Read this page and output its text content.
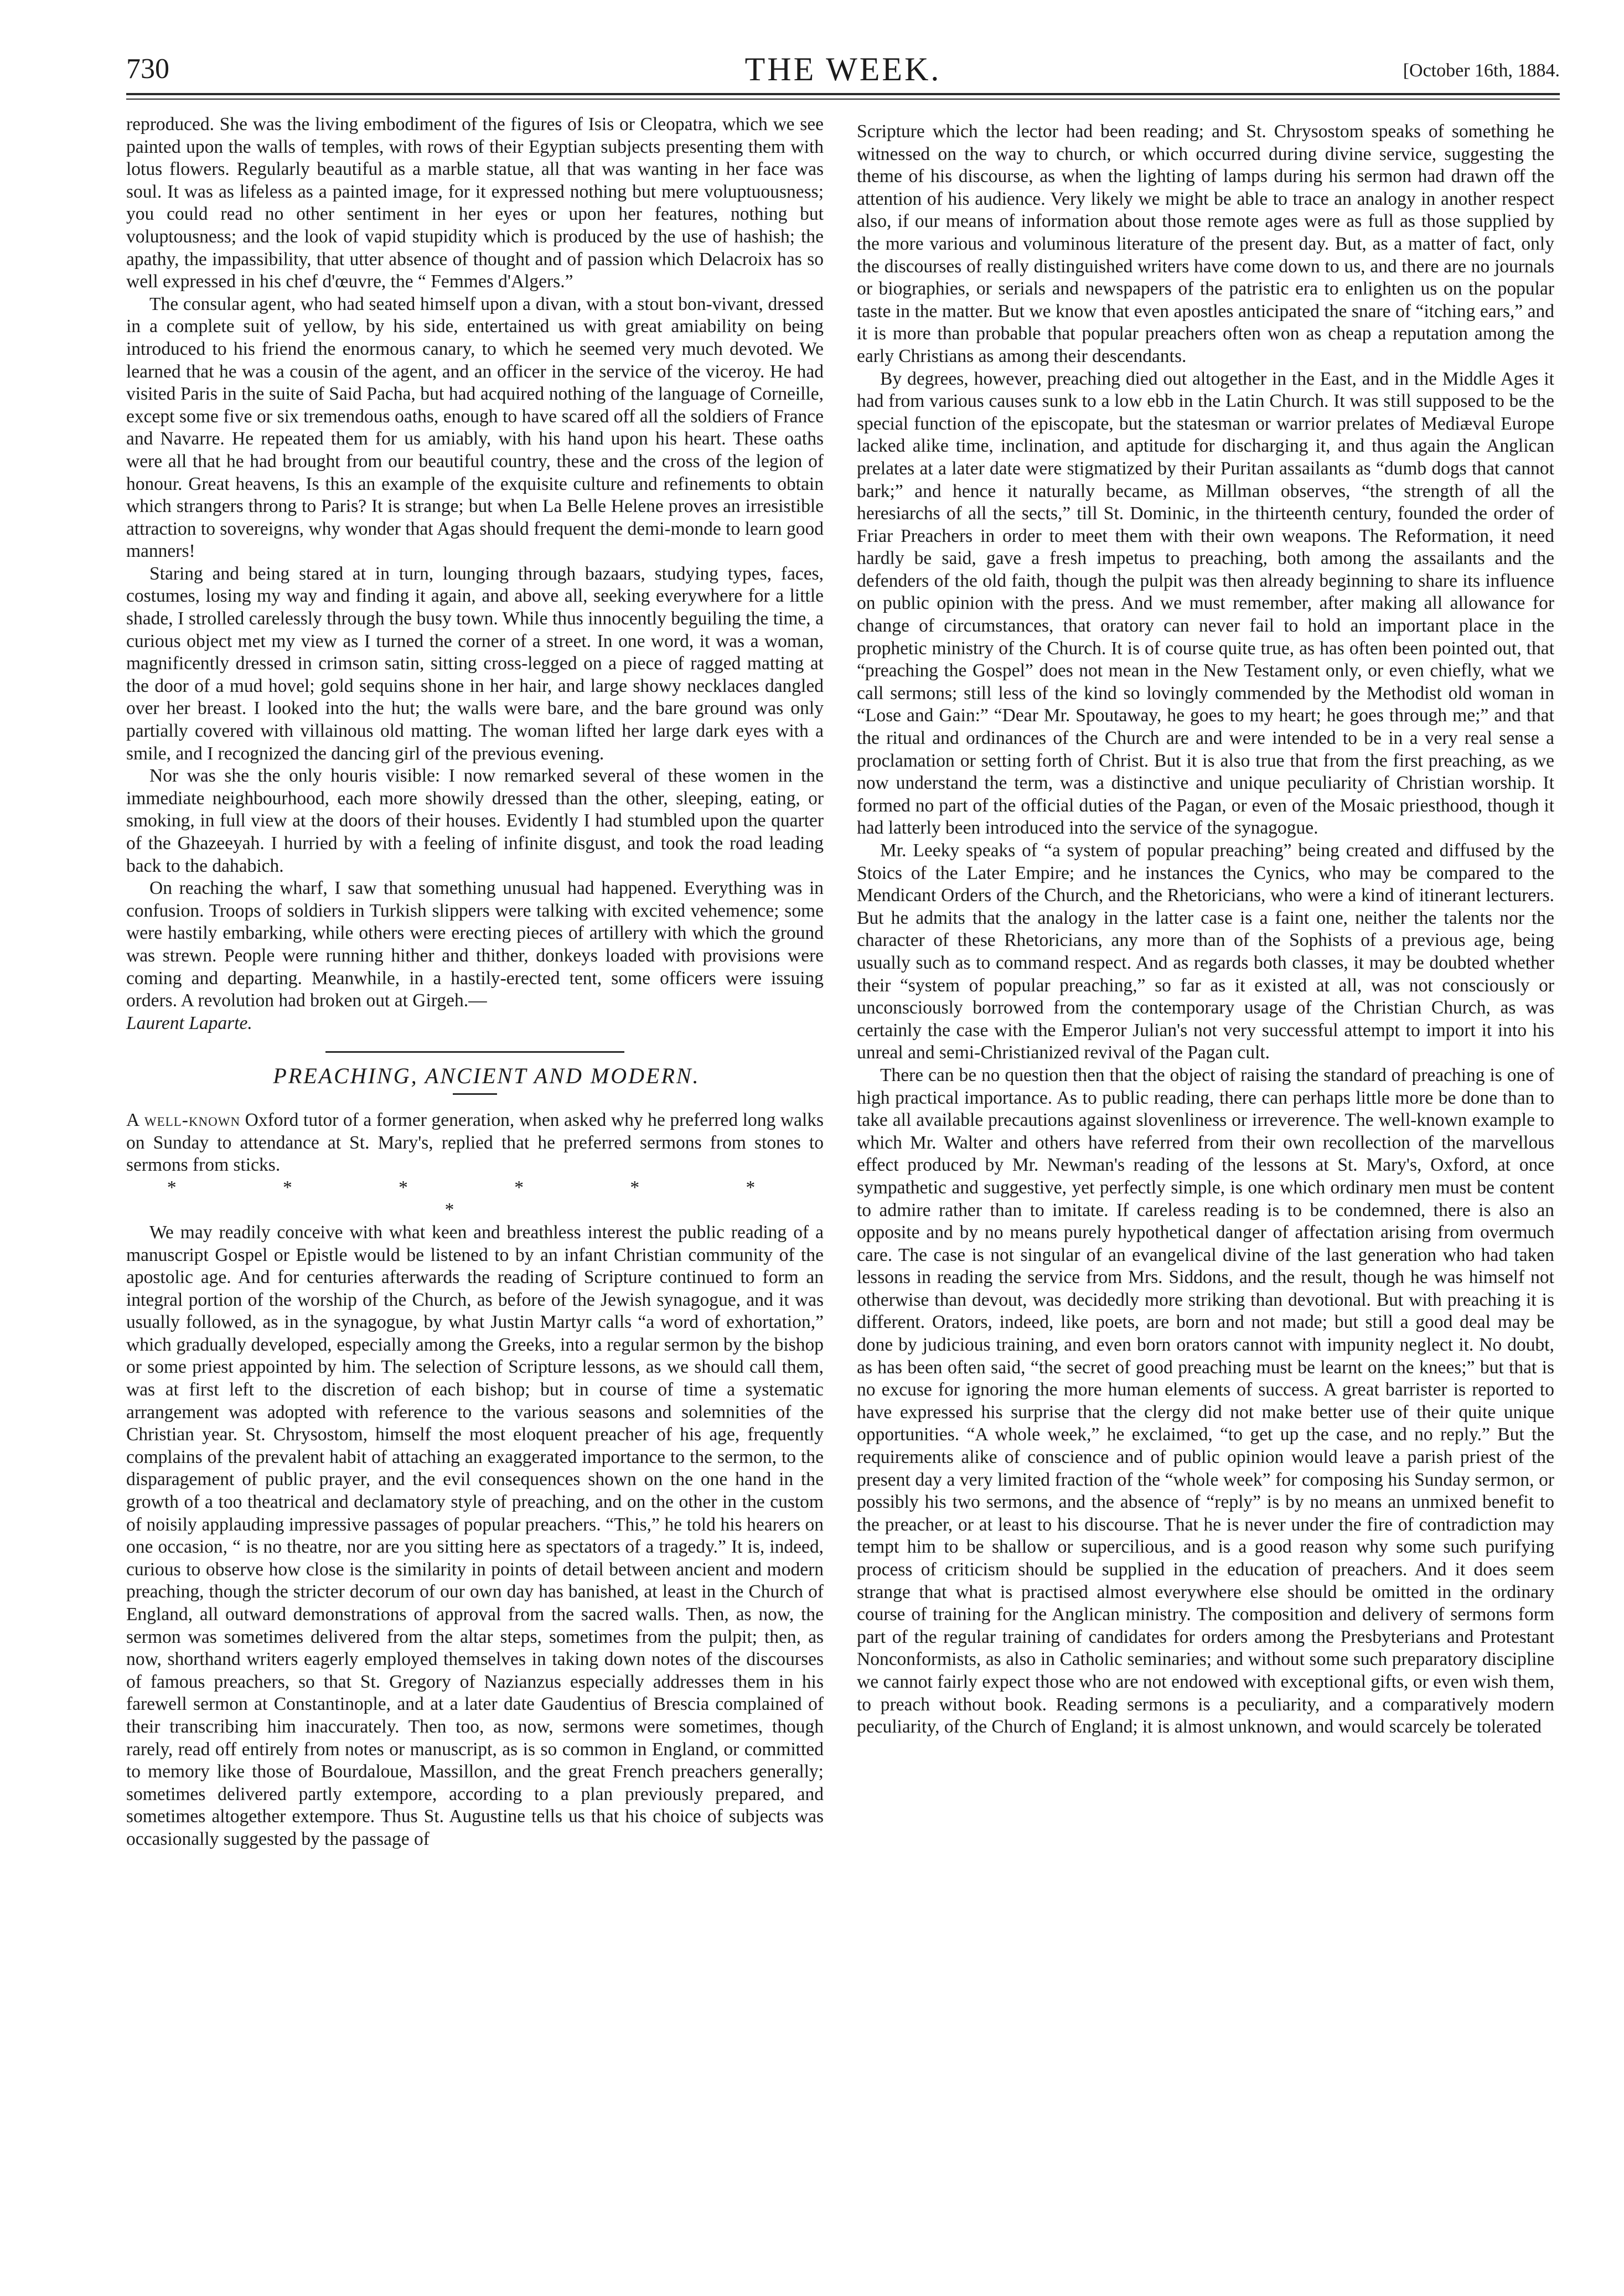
730	THE WEEK.	[October 16th, 1884.

reproduced. She was the living embodiment of the figures of Isis or Cleopatra, which we see painted upon the walls of temples, with rows of their Egyptian subjects presenting them with lotus flowers. Regularly beautiful as a marble statue, all that was wanting in her face was soul. It was as lifeless as a painted image, for it expressed nothing but mere voluptuousness; you could read no other sentiment in her eyes or upon her features, nothing but voluptousness; and the look of vapid stupidity which is produced by the use of hashish; the apathy, the impassibility, that utter absence of thought and of passion which Delacroix has so well expressed in his chef d'œuvre, the “ Femmes d'Algers.”

The consular agent, who had seated himself upon a divan, with a stout bon-vivant, dressed in a complete suit of yellow, by his side, entertained us with great amiability on being introduced to his friend the enormous canary, to which he seemed very much devoted. We learned that he was a cousin of the agent, and an officer in the service of the viceroy. He had visited Paris in the suite of Said Pacha, but had acquired nothing of the language of Corneille, except some five or six tremendous oaths, enough to have scared off all the soldiers of France and Navarre. He repeated them for us amiably, with his hand upon his heart. These oaths were all that he had brought from our beautiful country, these and the cross of the legion of honour. Great heavens, Is this an example of the exquisite culture and refinements to obtain which strangers throng to Paris? It is strange; but when La Belle Helene proves an irresistible attraction to sovereigns, why wonder that Agas should frequent the demi-monde to learn good manners!

Staring and being stared at in turn, lounging through bazaars, studying types, faces, costumes, losing my way and finding it again, and above all, seeking everywhere for a little shade, I strolled carelessly through the busy town. While thus innocently beguiling the time, a curious object met my view as I turned the corner of a street. In one word, it was a woman, magnificently dressed in crimson satin, sitting cross-legged on a piece of ragged matting at the door of a mud hovel; gold sequins shone in her hair, and large showy necklaces dangled over her breast. I looked into the hut; the walls were bare, and the bare ground was only partially covered with villainous old matting. The woman lifted her large dark eyes with a smile, and I recognized the dancing girl of the previous evening.

Nor was she the only houris visible: I now remarked several of these women in the immediate neighbourhood, each more showily dressed than the other, sleeping, eating, or smoking, in full view at the doors of their houses. Evidently I had stumbled upon the quarter of the Ghazeeyah. I hurried by with a feeling of infinite disgust, and took the road leading back to the dahabich.

On reaching the wharf, I saw that something unusual had happened. Everything was in confusion. Troops of soldiers in Turkish slippers were talking with excited vehemence; some were hastily embarking, while others were erecting pieces of artillery with which the ground was strewn. People were running hither and thither, donkeys loaded with provisions were coming and departing. Meanwhile, in a hastily-erected tent, some officers were issuing orders. A revolution had broken out at Girgeh.—
Laurent Laparte.

PREACHING, ANCIENT AND MODERN.

A well-known Oxford tutor of a former generation, when asked why he preferred long walks on Sunday to attendance at St. Mary's, replied that he preferred sermons from stones to sermons from sticks.

* * * * * * *

We may readily conceive with what keen and breathless interest the public reading of a manuscript Gospel or Epistle would be listened to by an infant Christian community of the apostolic age. And for centuries afterwards the reading of Scripture continued to form an integral portion of the worship of the Church, as before of the Jewish synagogue, and it was usually followed, as in the synagogue, by what Justin Martyr calls “a word of exhortation,” which gradually developed, especially among the Greeks, into a regular sermon by the bishop or some priest appointed by him. The selection of Scripture lessons, as we should call them, was at first left to the discretion of each bishop; but in course of time a systematic arrangement was adopted with reference to the various seasons and solemnities of the Christian year. St. Chrysostom, himself the most eloquent preacher of his age, frequently complains of the prevalent habit of attaching an exaggerated importance to the sermon, to the disparagement of public prayer, and the evil consequences shown on the one hand in the growth of a too theatrical and declamatory style of preaching, and on the other in the custom of noisily applauding impressive passages of popular preachers. “This,” he told his hearers on one occasion, “ is no theatre, nor are you sitting here as spectators of a tragedy.” It is, indeed, curious to observe how close is the similarity in points of detail between ancient and modern preaching, though the stricter decorum of our own day has banished, at least in the Church of England, all outward demonstrations of approval from the sacred walls. Then, as now, the sermon was sometimes delivered from the altar steps, sometimes from the pulpit; then, as now, shorthand writers eagerly employed themselves in taking down notes of the discourses of famous preachers, so that St. Gregory of Nazianzus especially addresses them in his farewell sermon at Constantinople, and at a later date Gaudentius of Brescia complained of their transcribing him inaccurately. Then too, as now, sermons were sometimes, though rarely, read off entirely from notes or manuscript, as is so common in England, or committed to memory like those of Bourdaloue, Massillon, and the great French preachers generally; sometimes delivered partly extempore, according to a plan previously prepared, and sometimes altogether extempore. Thus St. Augustine tells us that his choice of subjects was occasionally suggested by the passage of

Scripture which the lector had been reading; and St. Chrysostom speaks of something he witnessed on the way to church, or which occurred during divine service, suggesting the theme of his discourse, as when the lighting of lamps during his sermon had drawn off the attention of his audience. Very likely we might be able to trace an analogy in another respect also, if our means of information about those remote ages were as full as those supplied by the more various and voluminous literature of the present day. But, as a matter of fact, only the discourses of really distinguished writers have come down to us, and there are no journals or biographies, or serials and newspapers of the patristic era to enlighten us on the popular taste in the matter. But we know that even apostles anticipated the snare of “itching ears,” and it is more than probable that popular preachers often won as cheap a reputation among the early Christians as among their descendants.

By degrees, however, preaching died out altogether in the East, and in the Middle Ages it had from various causes sunk to a low ebb in the Latin Church. It was still supposed to be the special function of the episcopate, but the statesman or warrior prelates of Mediæval Europe lacked alike time, inclination, and aptitude for discharging it, and thus again the Anglican prelates at a later date were stigmatized by their Puritan assailants as “dumb dogs that cannot bark;” and hence it naturally became, as Millman observes, “the strength of all the heresiarchs of all the sects,” till St. Dominic, in the thirteenth century, founded the order of Friar Preachers in order to meet them with their own weapons. The Reformation, it need hardly be said, gave a fresh impetus to preaching, both among the assailants and the defenders of the old faith, though the pulpit was then already beginning to share its influence on public opinion with the press. And we must remember, after making all allowance for change of circumstances, that oratory can never fail to hold an important place in the prophetic ministry of the Church. It is of course quite true, as has often been pointed out, that “preaching the Gospel” does not mean in the New Testament only, or even chiefly, what we call sermons; still less of the kind so lovingly commended by the Methodist old woman in “Lose and Gain:” “Dear Mr. Spoutaway, he goes to my heart; he goes through me;” and that the ritual and ordinances of the Church are and were intended to be in a very real sense a proclamation or setting forth of Christ. But it is also true that from the first preaching, as we now understand the term, was a distinctive and unique peculiarity of Christian worship. It formed no part of the official duties of the Pagan, or even of the Mosaic priesthood, though it had latterly been introduced into the service of the synagogue.

Mr. Leeky speaks of “a system of popular preaching” being created and diffused by the Stoics of the Later Empire; and he instances the Cynics, who may be compared to the Mendicant Orders of the Church, and the Rhetoricians, who were a kind of itinerant lecturers. But he admits that the analogy in the latter case is a faint one, neither the talents nor the character of these Rhetoricians, any more than of the Sophists of a previous age, being usually such as to command respect. And as regards both classes, it may be doubted whether their “system of popular preaching,” so far as it existed at all, was not consciously or unconsciously borrowed from the contemporary usage of the Christian Church, as was certainly the case with the Emperor Julian's not very successful attempt to import it into his unreal and semi-Christianized revival of the Pagan cult.

There can be no question then that the object of raising the standard of preaching is one of high practical importance. As to public reading, there can perhaps little more be done than to take all available precautions against slovenliness or irreverence. The well-known example to which Mr. Walter and others have referred from their own recollection of the marvellous effect produced by Mr. Newman's reading of the lessons at St. Mary's, Oxford, at once sympathetic and suggestive, yet perfectly simple, is one which ordinary men must be content to admire rather than to imitate. If careless reading is to be condemned, there is also an opposite and by no means purely hypothetical danger of affectation arising from overmuch care. The case is not singular of an evangelical divine of the last generation who had taken lessons in reading the service from Mrs. Siddons, and the result, though he was himself not otherwise than devout, was decidedly more striking than devotional. But with preaching it is different. Orators, indeed, like poets, are born and not made; but still a good deal may be done by judicious training, and even born orators cannot with impunity neglect it. No doubt, as has been often said, “the secret of good preaching must be learnt on the knees;” but that is no excuse for ignoring the more human elements of success. A great barrister is reported to have expressed his surprise that the clergy did not make better use of their quite unique opportunities. “A whole week,” he exclaimed, “to get up the case, and no reply.” But the requirements alike of conscience and of public opinion would leave a parish priest of the present day a very limited fraction of the “whole week” for composing his Sunday sermon, or possibly his two sermons, and the absence of “reply” is by no means an unmixed benefit to the preacher, or at least to his discourse. That he is never under the fire of contradiction may tempt him to be shallow or supercilious, and is a good reason why some such purifying process of criticism should be supplied in the education of preachers. And it does seem strange that what is practised almost everywhere else should be omitted in the ordinary course of training for the Anglican ministry. The composition and delivery of sermons form part of the regular training of candidates for orders among the Presbyterians and Protestant Nonconformists, as also in Catholic seminaries; and without some such preparatory discipline we cannot fairly expect those who are not endowed with exceptional gifts, or even wish them, to preach without book. Reading sermons is a peculiarity, and a comparatively modern peculiarity, of the Church of England; it is almost unknown, and would scarcely be tolerated
